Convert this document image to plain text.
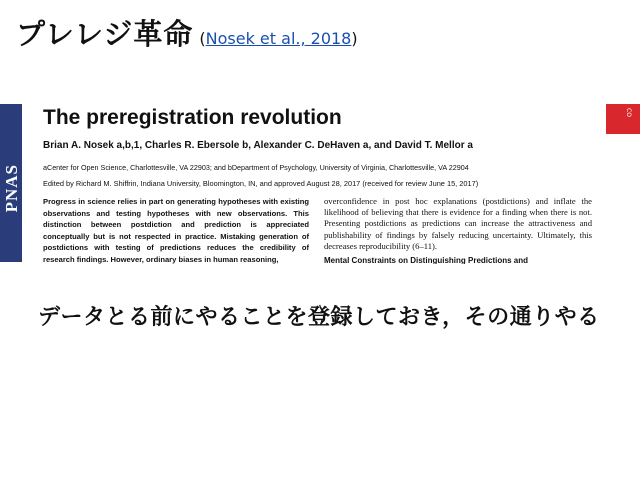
プレレジ革命 (Nosek et al., 2018)
PNAS
CO
The preregistration revolution
Brian A. Nosek a,b,1, Charles R. Ebersole b, Alexander C. DeHaven a, and David T. Mellor a
aCenter for Open Science, Charlottesville, VA 22903; and bDepartment of Psychology, University of Virginia, Charlottesville, VA 22904
Edited by Richard M. Shiffrin, Indiana University, Bloomington, IN, and approved August 28, 2017 (received for review June 15, 2017)
Progress in science relies in part on generating hypotheses with existing observations and testing hypotheses with new observations. This distinction between postdiction and prediction is appreciated conceptually but is not respected in practice. Mistaking generation of postdictions with testing of predictions reduces the credibility of research findings. However, ordinary biases in human reasoning,
overconfidence in post hoc explanations (postdictions) and inflate the likelihood of believing that there is evidence for a finding when there is not. Presenting postdictions as predictions can increase the attractiveness and publishability of findings by falsely reducing uncertainty. Ultimately, this decreases reproducibility (6–11).
Mental Constraints on Distinguishing Predictions and
データとる前にやることを登録しておき，その通りやる
